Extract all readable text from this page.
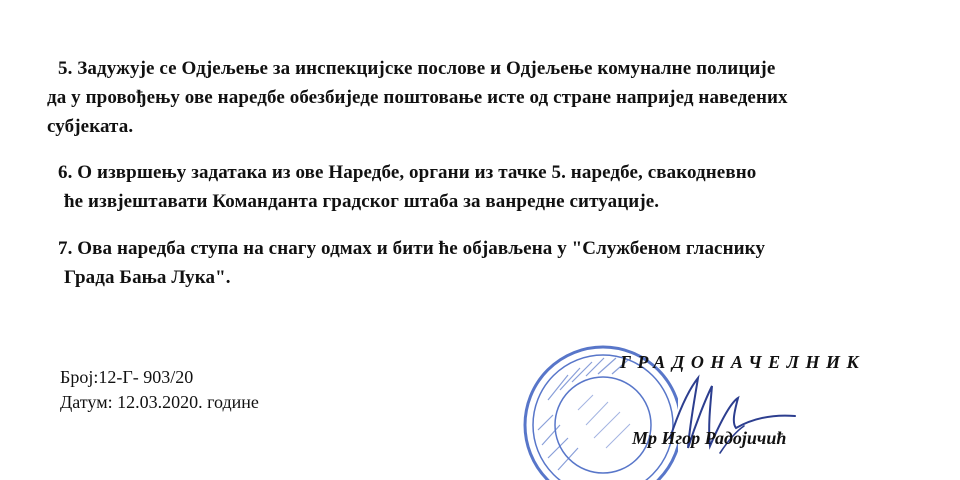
5. Задужује се Одјељење за инспекцијске послове и Одјељење комуналне полиције
да у провођењу ове наредбе обезбиједе поштовање исте од стране напријед наведених
субјеката.
6. О извршењу задатака из ове Наредбе, органи из тачке 5. наредбе, свакодневно
ће извјештавати Команданта градског штаба за ванредне ситуације.
7. Ова наредба ступа на снагу одмах и бити ће објављена у "Службеном гласнику
Града Бања Лука".
Број:12-Г- 903/20
Датум: 12.03.2020. године
ГРАДОНАЧЕЛНИК
Мр Игор Радојичић
